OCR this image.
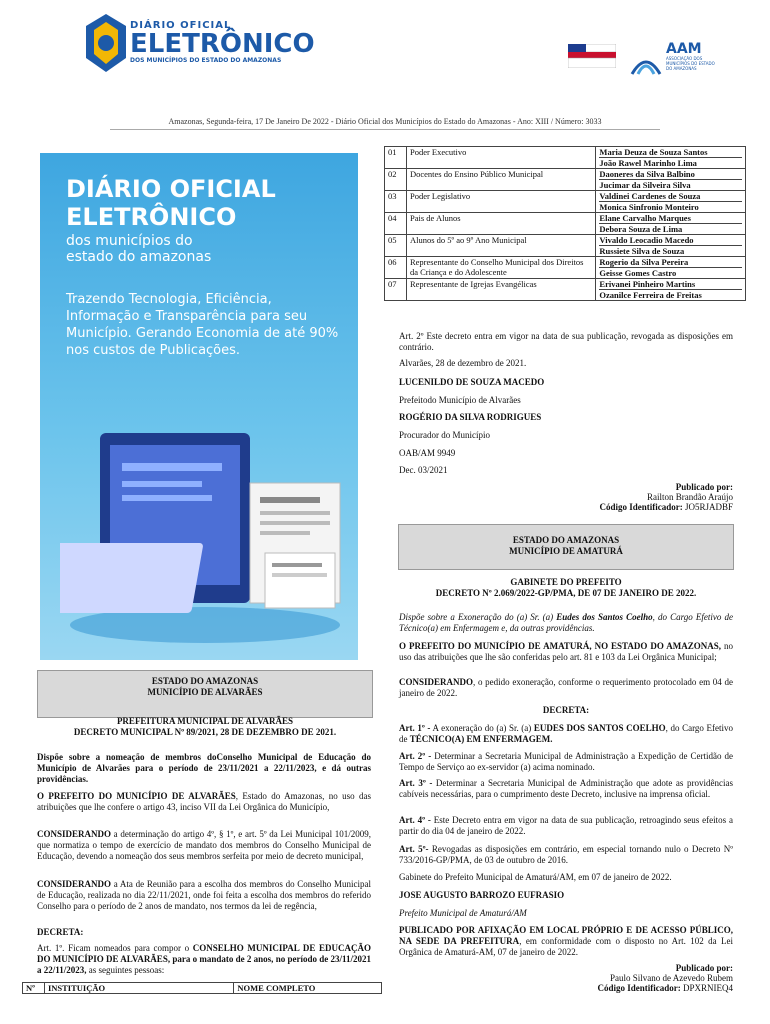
DIÁRIO OFICIAL
ELETRÔNICO
DOS MUNICÍPIOS DO ESTADO DO AMAZONAS
AAM
ASSOCIAÇÃO DOS MUNICÍPIOS DO ESTADO DO AMAZONAS
Amazonas, Segunda-feira, 17 De Janeiro De 2022 - Diário Oficial dos Municípios do Estado do Amazonas - Ano: XIII / Número: 3033
DIÁRIO OFICIAL
ELETRÔNICO
dos municípios do
estado do amazonas
Trazendo Tecnologia, Eficiência, Informação e Transparência para seu Município. Gerando Economia de até 90% nos custos de Publicações.
01	Poder Executivo	Maria Deuza de Souza Santos
João Rawel Marinho Lima

02	Docentes do Ensino Público Municipal	Daoneres da Silva Balbino
Jucimar da Silveira Silva

03	Poder Legislativo	Valdinei Cardenes de Souza
Monica Sinfronio Monteiro

04	Pais de Alunos	Elane Carvalho Marques
Debora Souza de Lima

05	Alunos do 5º ao 9º Ano Municipal	Vivaldo Leocadio Macedo
Russiete Silva de Souza

06	Representante do Conselho Municipal dos Direitos da Criança e do Adolescente	Rogerio da Silva Pereira
Geisse Gomes Castro

07	Representante de Igrejas Evangélicas	Erivanei Pinheiro Martins
Ozanilce Ferreira de Freitas
Art. 2º Este decreto entra em vigor na data de sua publicação, revogada as disposições em contrário.
Alvarães, 28 de dezembro de 2021.
LUCENILDO DE SOUZA MACEDO
Prefeitodo Município de Alvarães
ROGÉRIO DA SILVA RODRIGUES
Procurador do Município
OAB/AM 9949
Dec. 03/2021
Publicado por:
Railton Brandão Araújo
Código Identificador: JO5RJADBF
ESTADO DO AMAZONAS
MUNICÍPIO DE AMATURÁ
GABINETE DO PREFEITO
DECRETO Nº 2.069/2022-GP/PMA, DE 07 DE JANEIRO DE 2022.
Dispõe sobre a Exoneração do (a) Sr. (a) Eudes dos Santos Coelho, do Cargo Efetivo de Técnico(a) em Enfermagem e, da outras providências.
O PREFEITO DO MUNICÍPIO DE AMATURÁ, NO ESTADO DO AMAZONAS, no uso das atribuições que lhe são conferidas pelo art. 81 e 103 da Lei Orgânica Municipal;
CONSIDERANDO, o pedido exoneração, conforme o requerimento protocolado em 04 de janeiro de 2022.
DECRETA:
Art. 1º - A exoneração do (a) Sr. (a) EUDES DOS SANTOS COELHO, do Cargo Efetivo de TÉCNICO(A) EM ENFERMAGEM.
Art. 2º - Determinar a Secretaria Municipal de Administração a Expedição de Certidão de Tempo de Serviço ao ex-servidor (a) acima nominado.
Art. 3º - Determinar a Secretaria Municipal de Administração que adote as providências cabíveis necessárias, para o cumprimento deste Decreto, inclusive na imprensa oficial.
Art. 4º - Este Decreto entra em vigor na data de sua publicação, retroagindo seus efeitos a partir do dia 04 de janeiro de 2022.
Art. 5º- Revogadas as disposições em contrário, em especial tornando nulo o Decreto Nº 733/2016-GP/PMA, de 03 de outubro de 2016.
Gabinete do Prefeito Municipal de Amaturá/AM, em 07 de janeiro de 2022.
JOSE AUGUSTO BARROZO EUFRASIO
Prefeito Municipal de Amaturá/AM
PUBLICADO POR AFIXAÇÃO EM LOCAL PRÓPRIO E DE ACESSO PÚBLICO, NA SEDE DA PREFEITURA, em conformidade com o disposto no Art. 102 da Lei Orgânica de Amaturá-AM, 07 de janeiro de 2022.
Publicado por:
Paulo Silvano de Azevedo Rubem
Código Identificador: DPXRNIEQ4
ESTADO DO AMAZONAS
MUNICÍPIO DE ALVARÃES
PREFEITURA MUNICIPAL DE ALVARÃES
DECRETO MUNICIPAL Nº 89/2021, 28 DE DEZEMBRO DE 2021.
Dispõe sobre a nomeação de membros doConselho Municipal de Educação do Município de Alvarães para o período de 23/11/2021 a 22/11/2023, e dá outras providências.
O PREFEITO DO MUNICÍPIO DE ALVARÃES, Estado do Amazonas, no uso das atribuições que lhe confere o artigo 43, inciso VII da Lei Orgânica do Município,
CONSIDERANDO a determinação do artigo 4º, § 1º, e art. 5º da Lei Municipal 101/2009, que normatiza o tempo de exercício de mandato dos membros do Conselho Municipal de Educação, devendo a nomeação dos seus membros serfeita por meio de decreto municipal,
CONSIDERANDO a Ata de Reunião para a escolha dos membros do Conselho Municipal de Educação, realizada no dia 22/11/2021, onde foi feita a escolha dos membros do referido Conselho para o período de 2 anos de mandato, nos termos da lei de regência,
DECRETA:
Art. 1º. Ficam nomeados para compor o CONSELHO MUNICIPAL DE EDUCAÇÃO DO MUNICÍPIO DE ALVARÃES, para o mandato de 2 anos, no período de 23/11/2021 a 22/11/2023, as seguintes pessoas:
Nº	INSTITUIÇÃO	NOME COMPLETO
